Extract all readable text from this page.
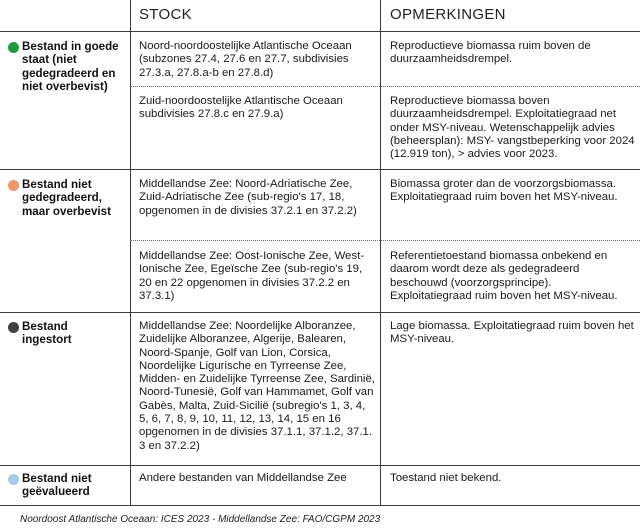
STOCK	OPMERKINGEN
Bestand in goede staat (niet gedegradeerd en niet overbevist)
Bestand niet gedegradeerd, maar overbevist
Bestand ingestort
Bestand niet geëvalueerd
Noord-noordoostelijke Atlantische Oceaan (subzones 27.4, 27.6 en 27.7, subdivisies 27.3.a, 27.8.a-b en 27.8.d)
Reproductieve biomassa ruim boven de duurzaamheidsdrempel.
Zuid-noordoostelijke Atlantische Oceaan subdivisies 27.8.c en 27.9.a)
Reproductieve biomassa boven duurzaamheidsdrempel. Exploitatiegraad net onder MSY-niveau. Wetenschappelijk advies (beheersplan): MSY- vangstbeperking voor 2024 (12.919 ton), > advies voor 2023.
Middellandse Zee: Noord-Adriatische Zee, Zuid-Adriatische Zee (sub-regio's 17, 18, opgenomen in de divisies 37.2.1 en 37.2.2)
Biomassa groter dan de voorzorgsbiomassa. Exploitatiegraad ruim boven het MSY-niveau.
Middellandse Zee: Oost-Ionische Zee, West-Ionische Zee, Egeïsche Zee (sub-regio's 19, 20 en 22 opgenomen in divisies 37.2.2 en 37.3.1)
Referentietoestand biomassa onbekend en daarom wordt deze als gedegradeerd beschouwd (voorzorgsprincipe). Exploitatiegraad ruim boven het MSY-niveau.
Middellandse Zee: Noordelijke Alboranzee, Zuidelijke Alboranzee, Algerije, Balearen, Noord-Spanje, Golf van Lion, Corsica, Noordelijke Ligurische en Tyrreense Zee, Midden- en Zuidelijke Tyrreense Zee, Sardinië, Noord-Tunesië, Golf van Hammamet, Golf van Gabès, Malta, Zuid-Sicilië (subregio's 1, 3, 4, 5, 6, 7, 8, 9, 10, 11, 12, 13, 14, 15 en 16 opgenomen in de divisies 37.1.1, 37.1.2, 37.1. 3 en 37.2.2)
Lage biomassa. Exploitatiegraad ruim boven het MSY-niveau.
Andere bestanden van Middellandse Zee	Toestand niet bekend.
Noordoost Atlantische Oceaan: ICES 2023 - Middellandse Zee: FAO/CGPM 2023
